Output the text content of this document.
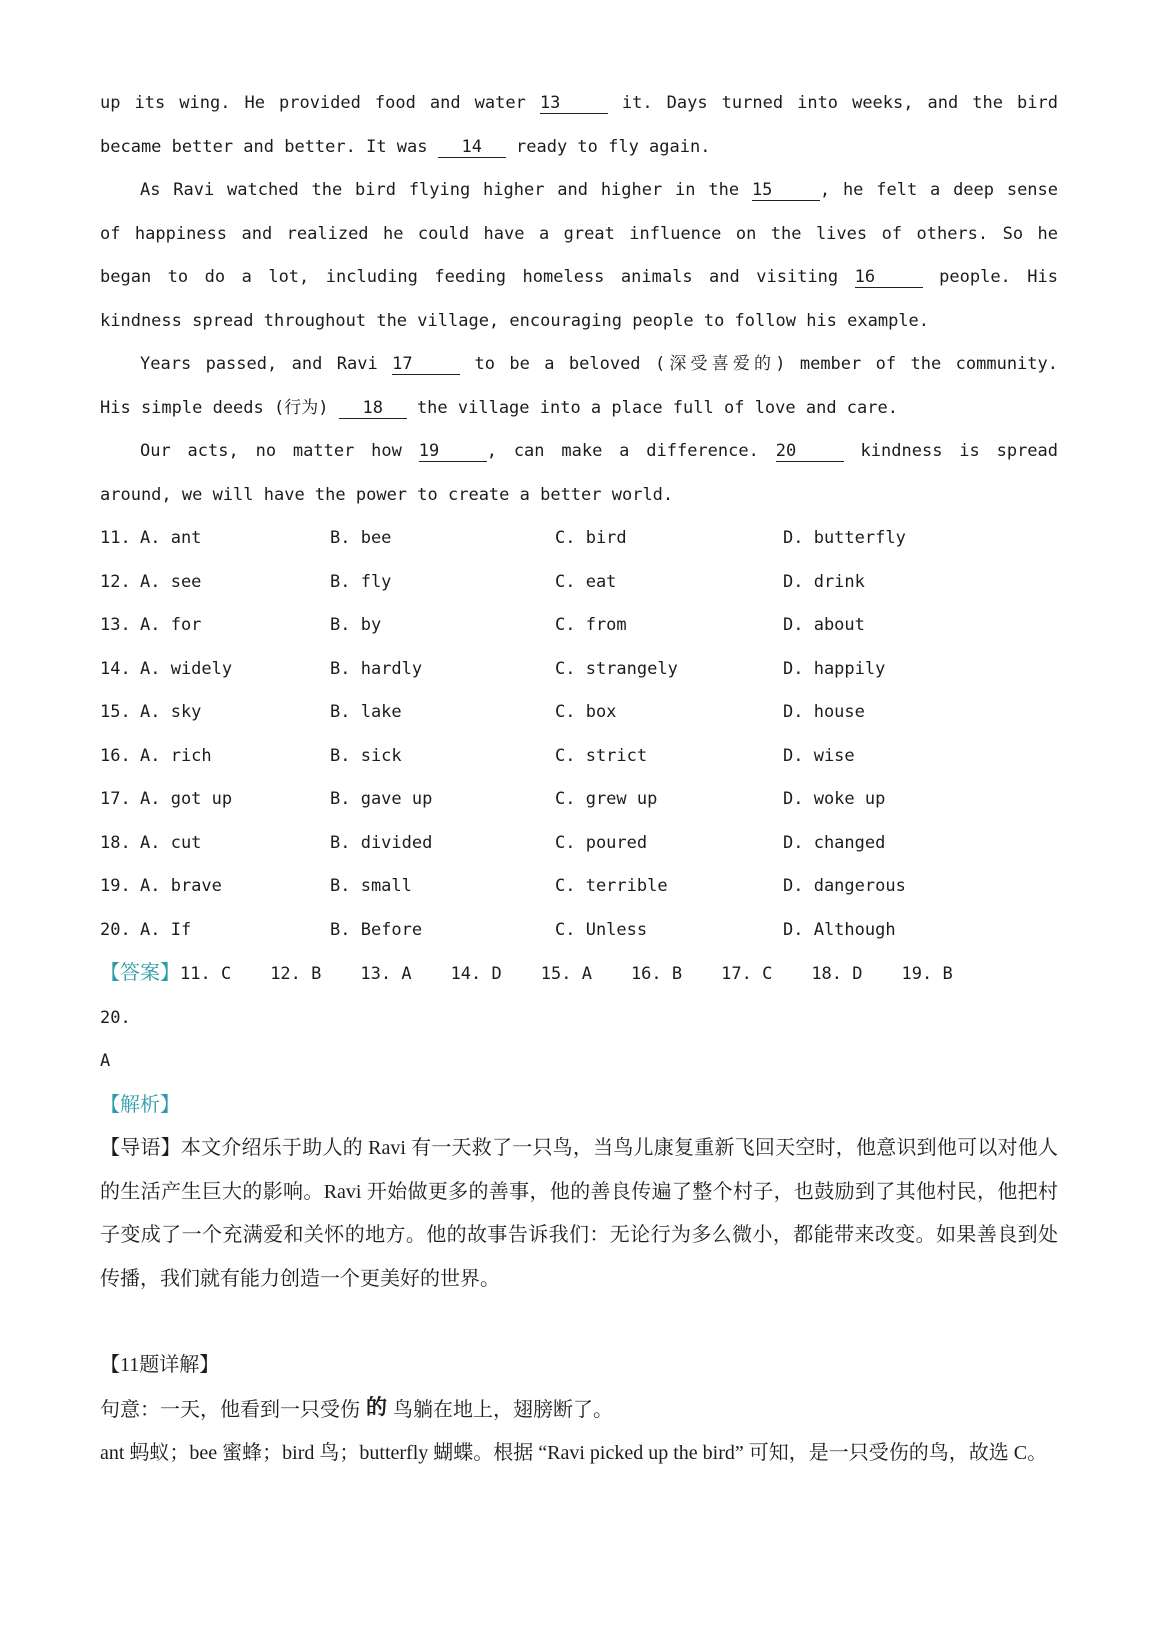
up its wing. He provided food and water 13	it. Days turned into weeks, and the bird
became better and better. It was 14 ready to fly again.
As Ravi watched the bird flying higher and higher in the 15	, he felt a deep sense
of happiness and realized he could have a great influence on the lives of others. So he
began to do a lot, including feeding homeless animals and visiting 16	people. His
kindness spread throughout the village, encouraging people to follow his example.
Years passed, and Ravi 17	to be a beloved (深受喜爱的) member of the community.
His simple deeds (行为) 18 the village into a place full of love and care.
Our acts, no matter how 19	, can make a difference. 20	kindness is spread
around, we will have the power to create a better world.
11. A. ant	B. bee	C. bird	D. butterfly
12. A. see	B. fly	C. eat	D. drink
13. A. for	B. by	C. from	D. about
14. A. widely	B. hardly	C. strangely	D. happily
15. A. sky	B. lake	C. box	D. house
16. A. rich	B. sick	C. strict	D. wise
17. A. got up	B. gave up	C. grew up	D. woke up
18. A. cut	B. divided	C. poured	D. changed
19. A. brave	B. small	C. terrible	D. dangerous
20. A. If	B. Before	C. Unless	D. Although
【答案】11. C 12. B 13. A 14. D 15. A 16. B 17. C 18. D 19. B20.
A
【解析】
【导语】本文介绍乐于助人的 Ravi 有一天救了一只鸟，当鸟儿康复重新飞回天空时，他意识到他可以对他人的生活产生巨大的影响。Ravi 开始做更多的善事，他的善良传遍了整个村子，也鼓励到了其他村民，他把村子变成了一个充满爱和关怀的地方。他的故事告诉我们：无论行为多么微小，都能带来改变。如果善良到处传播，我们就有能力创造一个更美好的世界。
【11题详解】
句意：一天，他看到一只受伤 的 鸟躺在地上，翅膀断了。
ant 蚂蚁；bee 蜜蜂；bird 鸟；butterfly 蝴蝶。根据 “Ravi picked up the bird” 可知，是一只受伤的鸟，故选 C。
